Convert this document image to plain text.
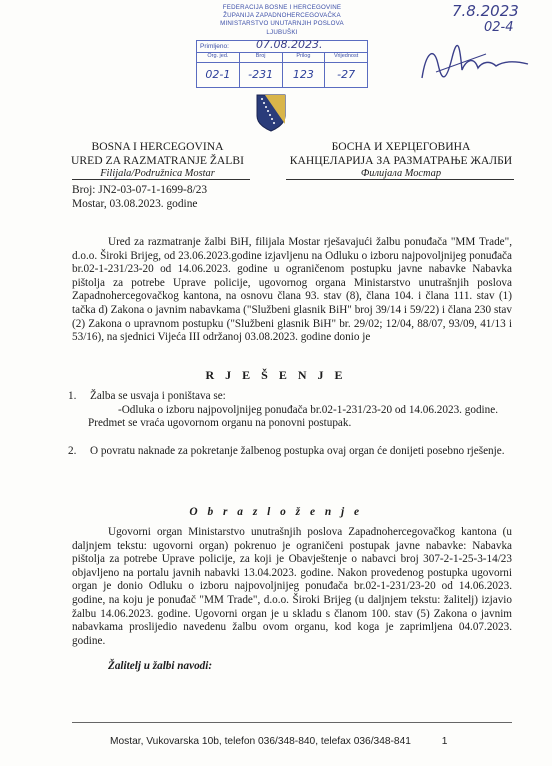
FEDERACIJA BOSNE I HERCEGOVINE
ŽUPANIJA ZAPADNOHERCEGOVAČKA
MINISTARSTVO UNUTARNJIH POSLOVA
LJUBUŠKI
Primljeno:
Org. jed.	Broj	Prilog	Vrijednost
02-1	-231	123	-27
07.08.2023.
7.8.2023
02-4
BOSNA I HERCEGOVINA
URED ZA RAZMATRANJE ŽALBI
Filijala/Podružnica Mostar
БОСНА И ХЕРЦЕГОВИНА
КАНЦЕЛАРИЈА ЗА РАЗМАТРАЊЕ ЖАЛБИ
Филијала Мостар
Broj: JN2-03-07-1-1699-8/23
Mostar, 03.08.2023. godine
Ured za razmatranje žalbi BiH, filijala Mostar rješavajući žalbu ponuđača "MM Trade", d.o.o. Široki Brijeg, od 23.06.2023.godine izjavljenu na Odluku o izboru najpovoljnijeg ponuđača br.02-1-231/23-20 od 14.06.2023. godine u ograničenom postupku javne nabavke Nabavka pištolja za potrebe Uprave policije, ugovornog organa Ministarstvo unutrašnjih poslova Zapadnohercegovačkog kantona, na osnovu člana 93. stav (8), člana 104. i člana 111. stav (1) tačka d) Zakona o javnim nabavkama ("Službeni glasnik BiH" broj 39/14 i 59/22) i člana 230 stav (2) Zakona o upravnom postupku ("Službeni glasnik BiH" br. 29/02; 12/04, 88/07, 93/09, 41/13 i 53/16), na sjednici Vijeća III održanoj 03.08.2023. godine donio je
R J E Š E N J E
1.	Žalba se usvaja i poništava se:
-Odluka o izboru najpovoljnijeg ponuđača br.02-1-231/23-20 od 14.06.2023. godine.
Predmet se vraća ugovornom organu na ponovni postupak.
2.	O povratu naknade za pokretanje žalbenog postupka ovaj organ će donijeti posebno rješenje.
O b r a z l o ž e n j e
Ugovorni organ Ministarstvo unutrašnjih poslova Zapadnohercegovačkog kantona (u daljnjem tekstu: ugovorni organ) pokrenuo je ograničeni postupak javne nabavke: Nabavka pištolja za potrebe Uprave policije, za koji je Obavještenje o nabavci broj 307-2-1-25-3-14/23 objavljeno na portalu javnih nabavki 13.04.2023. godine. Nakon provedenog postupka ugovorni organ je donio Odluku o izboru najpovoljnijeg ponuđača br.02-1-231/23-20 od 14.06.2023. godine, na koju je ponuđač "MM Trade", d.o.o. Široki Brijeg (u daljnjem tekstu: žalitelj) izjavio žalbu 14.06.2023. godine. Ugovorni organ je u skladu s članom 100. stav (5) Zakona o javnim nabavkama proslijedio navedenu žalbu ovom organu, kod koga je zaprimljena 04.07.2023. godine.
Žalitelj u žalbi navodi:
Mostar, Vukovarska 10b, telefon 036/348-840, telefax 036/348-841	1
